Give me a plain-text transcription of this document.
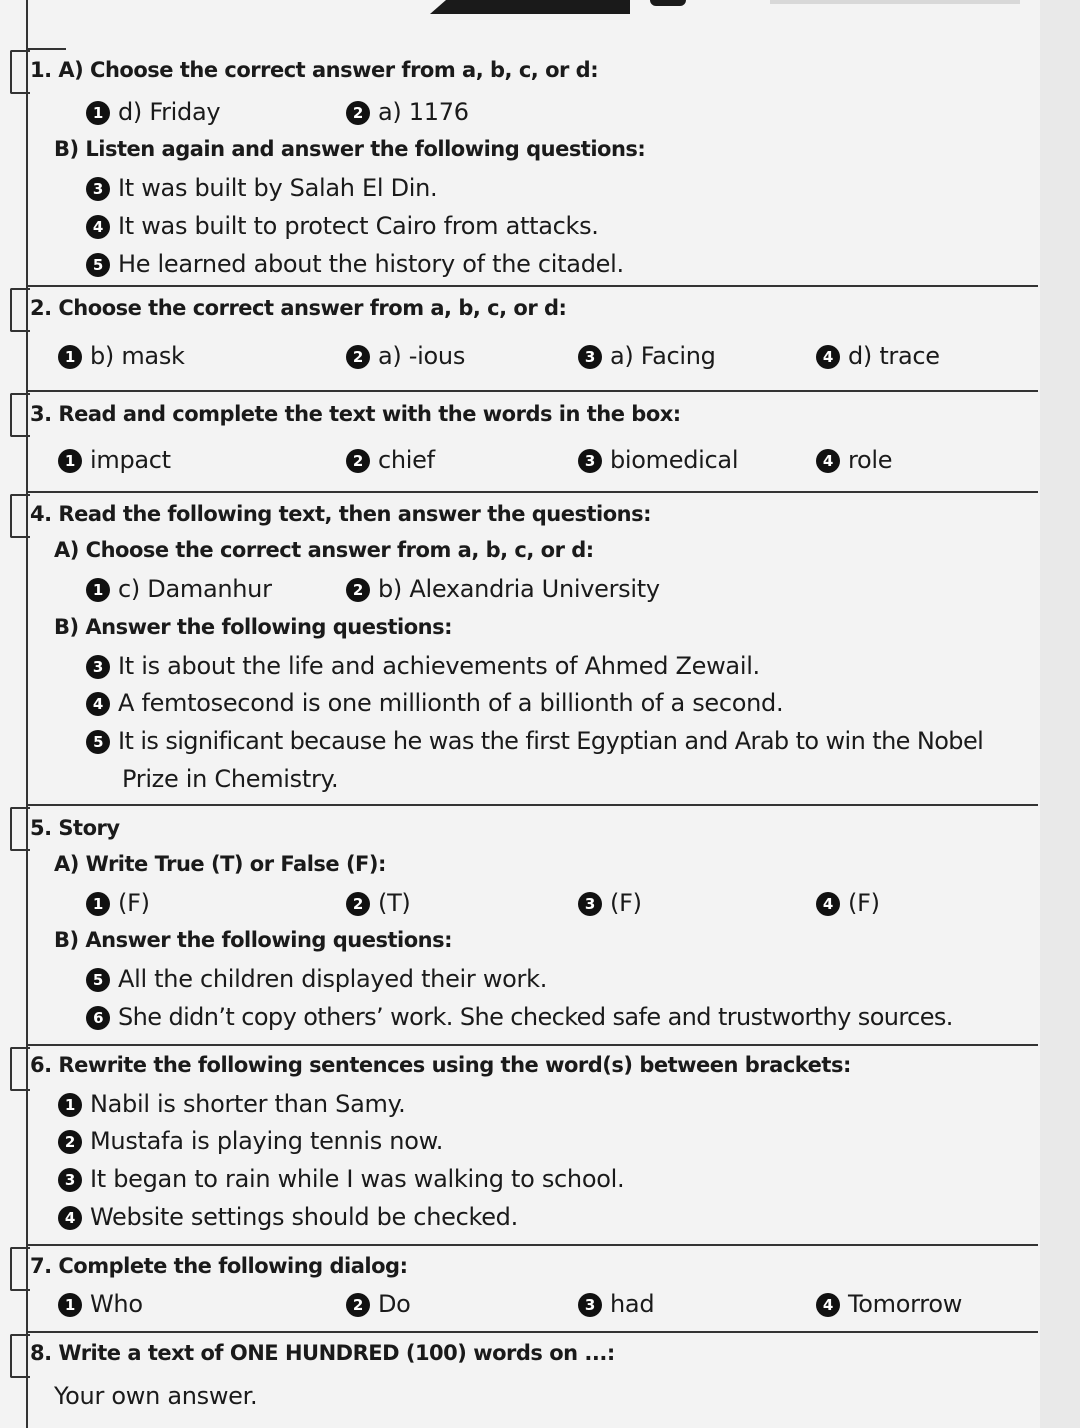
1. A) Choose the correct answer from a, b, c, or d:
1 d) Friday	2 a) 1176
B) Listen again and answer the following questions:
3 It was built by Salah El Din.
4 It was built to protect Cairo from attacks.
5 He learned about the history of the citadel.
2. Choose the correct answer from a, b, c, or d:
1 b) mask	2 a) -ious	3 a) Facing	4 d) trace
3. Read and complete the text with the words in the box:
1 impact	2 chief	3 biomedical	4 role
4. Read the following text, then answer the questions:
A) Choose the correct answer from a, b, c, or d:
1 c) Damanhur	2 b) Alexandria University
B) Answer the following questions:
3 It is about the life and achievements of Ahmed Zewail.
4 A femtosecond is one millionth of a billionth of a second.
5 It is significant because he was the first Egyptian and Arab to win the Nobel
Prize in Chemistry.
5. Story
A) Write True (T) or False (F):
1 (F)	2 (T)	3 (F)	4 (F)
B) Answer the following questions:
5 All the children displayed their work.
6 She didn’t copy others’ work. She checked safe and trustworthy sources.
6. Rewrite the following sentences using the word(s) between brackets:
1 Nabil is shorter than Samy.
2 Mustafa is playing tennis now.
3 It began to rain while I was walking to school.
4 Website settings should be checked.
7. Complete the following dialog:
1 Who	2 Do	3 had	4 Tomorrow
8. Write a text of ONE HUNDRED (100) words on ...:
Your own answer.
